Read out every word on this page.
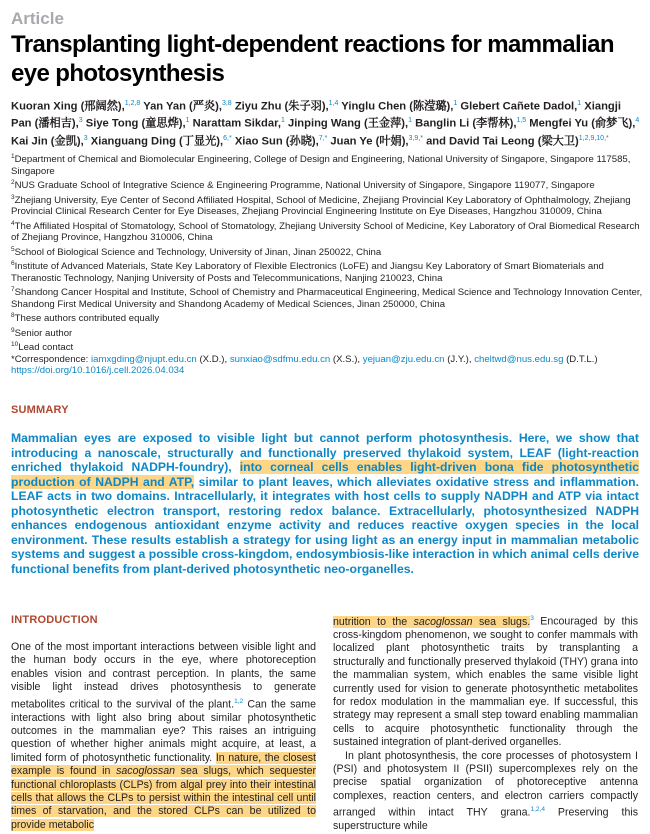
Article
Transplanting light-dependent reactions for mammalian eye photosynthesis
Kuoran Xing (邢阔然),$^{1,2,8}$ Yan Yan (严炎),$^{3,8}$ Ziyu Zhu (朱子羽),$^{1,4}$ Yinglu Chen (陈滢璐),$^1$ Glebert Cañete Dadol,$^1$ Xiangji Pan (潘相吉),$^3$ Siye Tong (童思烨),$^1$ Narattam Sikdar,$^1$ Jinping Wang (王金萍),$^1$ Banglin Li (李帮林),$^{1,5}$ Mengfei Yu (俞梦飞),$^4$ Kai Jin (金凯),$^3$ Xianguang Ding (丁显光),$^{6,*}$ Xiao Sun (孙晓),$^{7,*}$ Juan Ye (叶娟),$^{3,9,*}$ and David Tai Leong (梁大卫)$^{1,2,9,10,*}$

$^1$Department of Chemical and Biomolecular Engineering, College of Design and Engineering, National University of Singapore, Singapore 117585, Singapore

$^2$NUS Graduate School of Integrative Science & Engineering Programme, National University of Singapore, Singapore 119077, Singapore

$^3$Zhejiang University, Eye Center of Second Affiliated Hospital, School of Medicine, Zhejiang Provincial Key Laboratory of Ophthalmology, Zhejiang Provincial Clinical Research Center for Eye Diseases, Zhejiang Provincial Engineering Institute on Eye Diseases, Hangzhou 310009, China

$^4$The Affiliated Hospital of Stomatology, School of Stomatology, Zhejiang University School of Medicine, Key Laboratory of Oral Biomedical Research of Zhejiang Province, Hangzhou 310006, China

$^5$School of Biological Science and Technology, University of Jinan, Jinan 250022, China

$^6$Institute of Advanced Materials, State Key Laboratory of Flexible Electronics (LoFE) and Jiangsu Key Laboratory of Smart Biomaterials and Theranostic Technology, Nanjing University of Posts and Telecommunications, Nanjing 210023, China

$^7$Shandong Cancer Hospital and Institute, School of Chemistry and Pharmaceutical Engineering, Medical Science and Technology Innovation Center, Shandong First Medical University and Shandong Academy of Medical Sciences, Jinan 250000, China

$^8$These authors contributed equally

$^9$Senior author

$^{10}$Lead contact

*Correspondence: iamxgding@njupt.edu.cn (X.D.), sunxiao@sdfmu.edu.cn (X.S.), yejuan@zju.edu.cn (J.Y.), cheltwd@nus.edu.sg (D.T.L.)

https://doi.org/10.1016/j.cell.2026.04.034

SUMMARY
Mammalian eyes are exposed to visible light but cannot perform photosynthesis. Here, we show that introducing a nanoscale, structurally and functionally preserved thylakoid system, LEAF (light-reaction enriched thylakoid NADPH-foundry), into corneal cells enables light-driven bona fide photosynthetic production of NADPH and ATP, similar to plant leaves, which alleviates oxidative stress and inflammation. LEAF acts in two domains. Intracellularly, it integrates with host cells to supply NADPH and ATP via intact photosynthetic electron transport, restoring redox balance. Extracellularly, photosynthesized NADPH enhances endogenous antioxidant enzyme activity and reduces reactive oxygen species in the local environment. These results establish a strategy for using light as an energy input in mammalian metabolic systems and suggest a possible cross-kingdom, endosymbiosis-like interaction in which animal cells derive functional benefits from plant-derived photosynthetic neo-organelles.
INTRODUCTION

One of the most important interactions between visible light and the human body occurs in the eye, where photoreception enables vision and contrast perception. In plants, the same visible light instead drives photosynthesis to generate metabolites critical to the survival of the plant.$^{1,2}$ Can the same interactions with light also bring about similar photosynthetic outcomes in the mammalian eye? This raises an intriguing question of whether higher animals might acquire, at least, a limited form of photosynthetic functionality. In nature, the closest example is found in sacoglossan sea slugs, which sequester functional chloroplasts (CLPs) from algal prey into their intestinal cells that allows the CLPs to persist within the intestinal cell until times of starvation, and the stored CLPs can be utilized to provide metabolic

nutrition to the sacoglossan sea slugs.$^3$ Encouraged by this cross-kingdom phenomenon, we sought to confer mammals with localized plant photosynthetic traits by transplanting a structurally and functionally preserved thylakoid (THY) grana into the mammalian system, which enables the same visible light currently used for vision to generate photosynthetic metabolites for redox modulation in the mammalian eye. If successful, this strategy may represent a small step toward enabling mammalian cells to acquire photosynthetic functionality through the sustained integration of plant-derived organelles.

In plant photosynthesis, the core processes of photosystem I (PSI) and photosystem II (PSII) supercomplexes rely on the precise spatial organization of photoreceptive antenna complexes, reaction centers, and electron carriers compactly arranged within intact THY grana.$^{1,2,4}$ Preserving this superstructure while
